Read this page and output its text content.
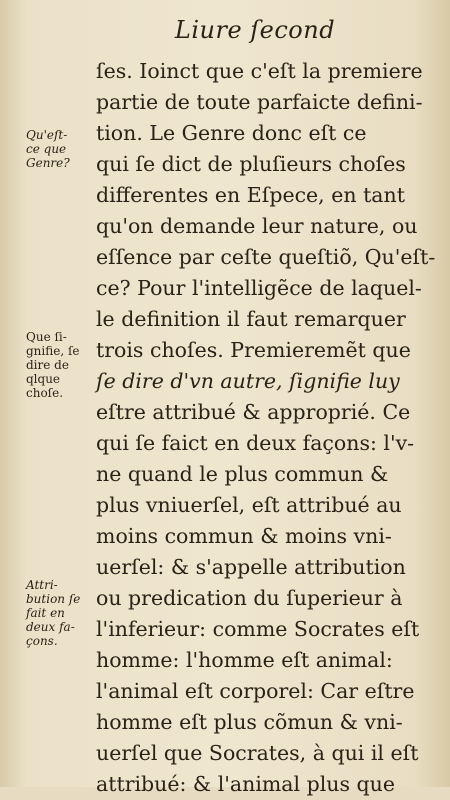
Liure ſecond
ſes. Ioinct que c'eſt la premiere
partie de toute parfaicte defini-
tion. Le Genre donc eſt ce
qui ſe dict de pluſieurs choſes
differentes en Eſpece, en tant
qu'on demande leur nature, ou
eſſence par ceſte queſtiõ, Qu'eſt-
ce? Pour l'intelligẽce de laquel-
le definition il faut remarquer
trois choſes. Premieremẽt que
ſe dire d'vn autre, ſignifie luy
eſtre attribué & approprié. Ce
qui ſe faict en deux façons: l'v-
ne quand le plus commun &
plus vniuerſel, eſt attribué au
moins commun & moins vni-
uerſel: & s'appelle attribution
ou predication du ſuperieur à
l'inferieur: comme Socrates eſt
homme: l'homme eſt animal:
l'animal eſt corporel: Car eſtre
homme eſt plus cõmun & vni-
uerſel que Socrates, à qui il eſt
attribué: & l'animal plus que
Qu'eſt-
ce que
Genre?
Que ſi-
gnifie, ſe
dire de
qlque
choſe.
Attri-
bution ſe
fait en
deux fa-
çons.
